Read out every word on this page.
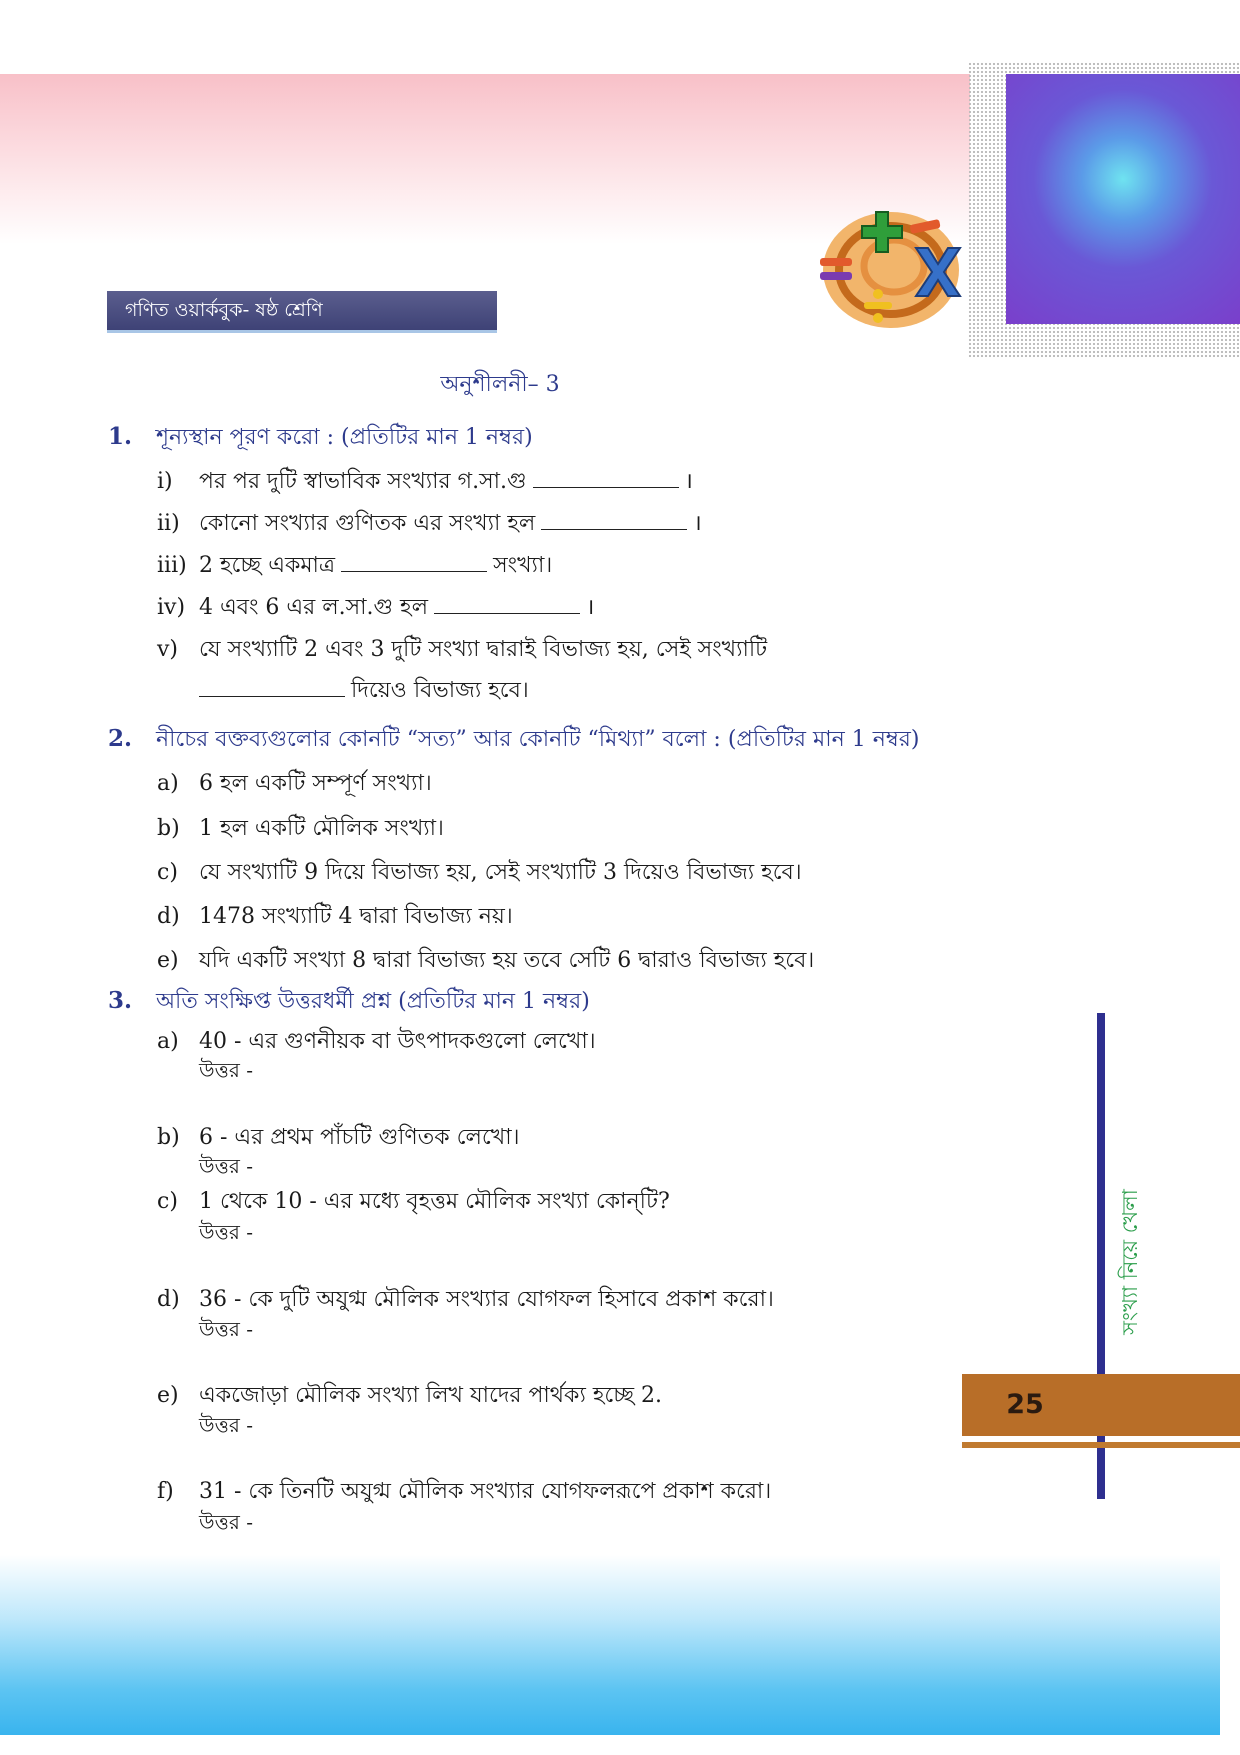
গণিত ওয়ার্কবুক- ষষ্ঠ শ্রেণি
অনুশীলনী– 3
1. শূন্যস্থান পূরণ করো : (প্রতিটির মান 1 নম্বর)
i) পর পর দুটি স্বাভাবিক সংখ্যার গ.সা.গু	।
ii) কোনো সংখ্যার গুণিতক এর সংখ্যা হল	।
iii) 2 হচ্ছে একমাত্র	সংখ্যা।
iv) 4 এবং 6 এর ল.সা.গু হল	।
v) যে সংখ্যাটি 2 এবং 3 দুটি সংখ্যা দ্বারাই বিভাজ্য হয়, সেই সংখ্যাটি
দিয়েও বিভাজ্য হবে।
2. নীচের বক্তব্যগুলোর কোনটি “সত্য” আর কোনটি “মিথ্যা” বলো : (প্রতিটির মান 1 নম্বর)
a) 6 হল একটি সম্পূর্ণ সংখ্যা।
b) 1 হল একটি মৌলিক সংখ্যা।
c) যে সংখ্যাটি 9 দিয়ে বিভাজ্য হয়, সেই সংখ্যাটি 3 দিয়েও বিভাজ্য হবে।
d) 1478 সংখ্যাটি 4 দ্বারা বিভাজ্য নয়।
e) যদি একটি সংখ্যা 8 দ্বারা বিভাজ্য হয় তবে সেটি 6 দ্বারাও বিভাজ্য হবে।
3. অতি সংক্ষিপ্ত উত্তরধর্মী প্রশ্ন (প্রতিটির মান 1 নম্বর)
a) 40 - এর গুণনীয়ক বা উৎপাদকগুলো লেখো।
উত্তর -
b) 6 - এর প্রথম পাঁচটি গুণিতক লেখো।
উত্তর -
c) 1 থেকে 10 - এর মধ্যে বৃহত্তম মৌলিক সংখ্যা কোন্‌টি?
উত্তর -
d) 36 - কে দুটি অযুগ্ম মৌলিক সংখ্যার যোগফল হিসাবে প্রকাশ করো।
উত্তর -
e) একজোড়া মৌলিক সংখ্যা লিখ যাদের পার্থক্য হচ্ছে 2.
উত্তর -
f) 31 - কে তিনটি অযুগ্ম মৌলিক সংখ্যার যোগফলরূপে প্রকাশ করো।
উত্তর -
সংখ্যা নিয়ে খেলা
25
